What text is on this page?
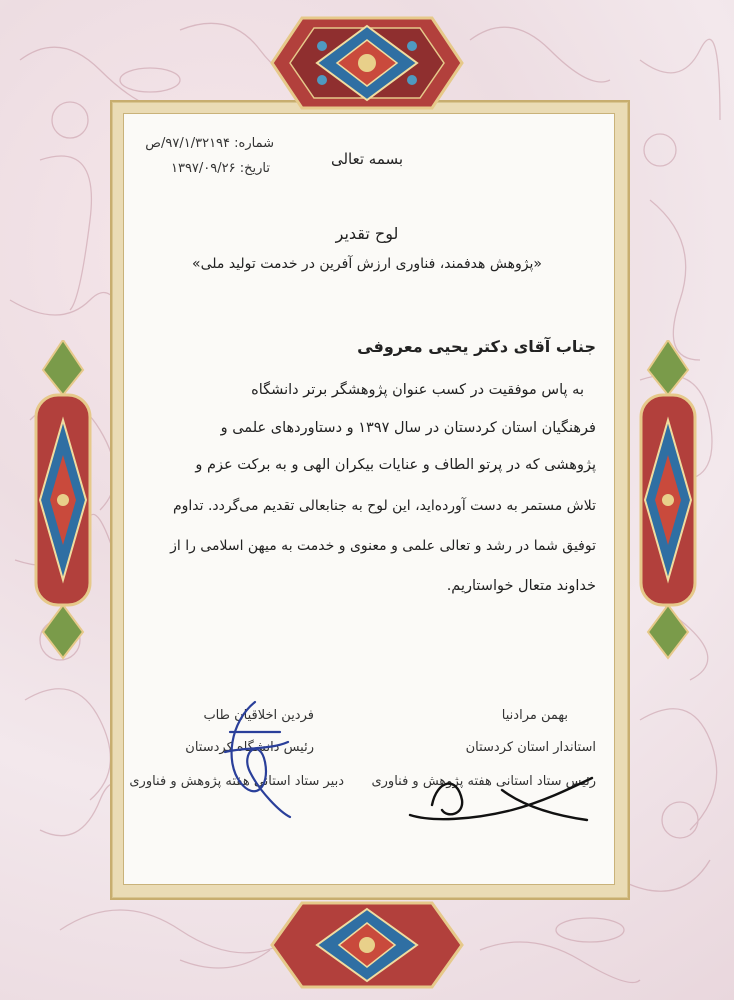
شماره: ۹۷/۱/۳۲۱۹۴/ص
تاریخ: ۱۳۹۷/۰۹/۲۶
بسمه تعالی
لوح تقدیر
«پژوهش هدفمند، فناوری ارزش آفرین در خدمت تولید ملی»
جناب آقای دکتر یحیی معروفی
به پاس موفقیت در کسب عنوان پژوهشگر برتر دانشگاه
فرهنگیان استان کردستان در سال ۱۳۹۷ و دستاوردهای علمی و
پژوهشی که در پرتو الطاف و عنایات بیکران الهی و به برکت عزم و
تلاش مستمر به دست آورده‌اید، این لوح به جنابعالی تقدیم می‌گردد. تداوم
توفیق شما در رشد و تعالی علمی و معنوی و خدمت به میهن اسلامی را از
خداوند متعال خواستاریم.
بهمن مرادنیا
استاندار استان کردستان
رئیس ستاد استانی هفته پژوهش و فناوری
فردین اخلاقیان طاب
رئیس دانشگاه کردستان
دبیر ستاد استانی هفته پژوهش و فناوری
